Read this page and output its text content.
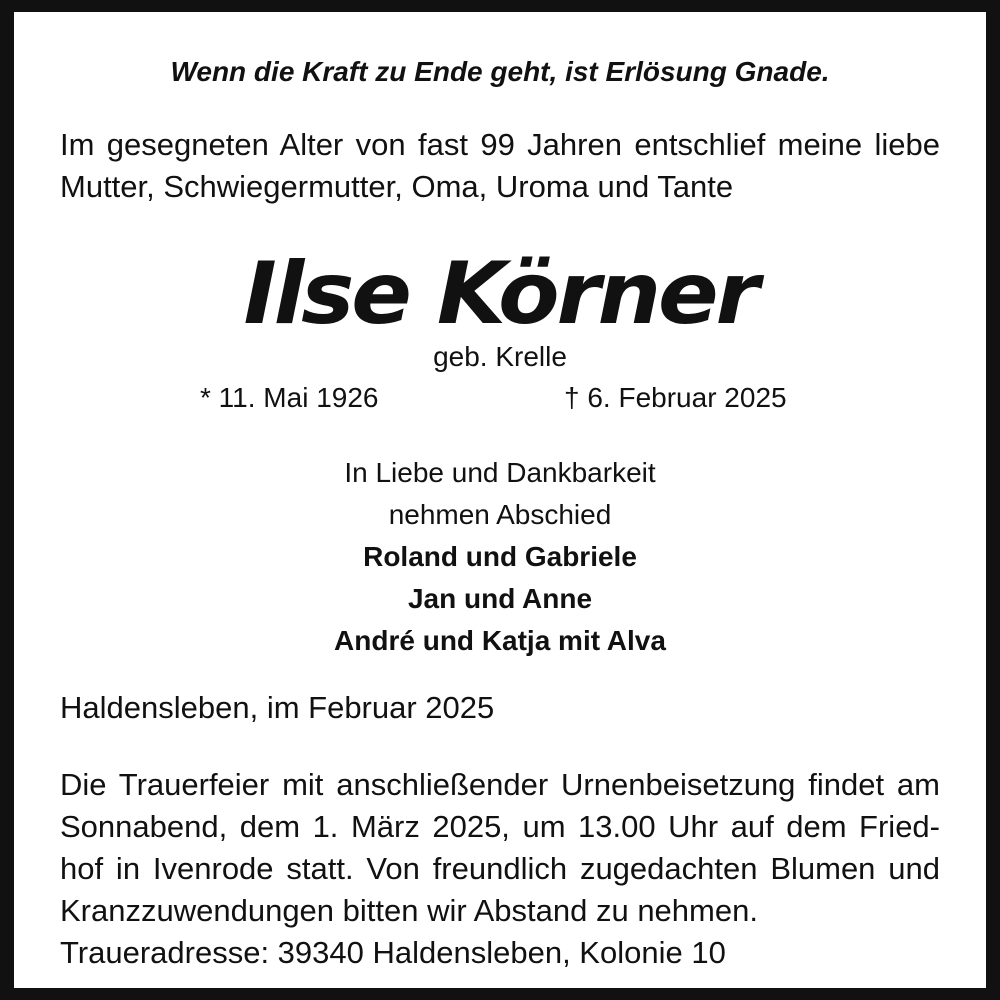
Wenn die Kraft zu Ende geht, ist Erlösung Gnade.
Im gesegneten Alter von fast 99 Jahren entschlief meine liebe
Mutter, Schwiegermutter, Oma, Uroma und Tante
Ilse Körner
geb. Krelle
* 11. Mai 1926	† 6. Februar 2025
In Liebe und Dankbarkeit
nehmen Abschied
Roland und Gabriele
Jan und Anne
André und Katja mit Alva
Haldensleben, im Februar 2025
Die Trauerfeier mit anschließender Urnenbeisetzung findet am
Sonnabend, dem 1. März 2025, um 13.00 Uhr auf dem Fried-
hof in Ivenrode statt. Von freundlich zugedachten Blumen und
Kranzzuwendungen bitten wir Abstand zu nehmen.
Traueradresse: 39340 Haldensleben, Kolonie 10
